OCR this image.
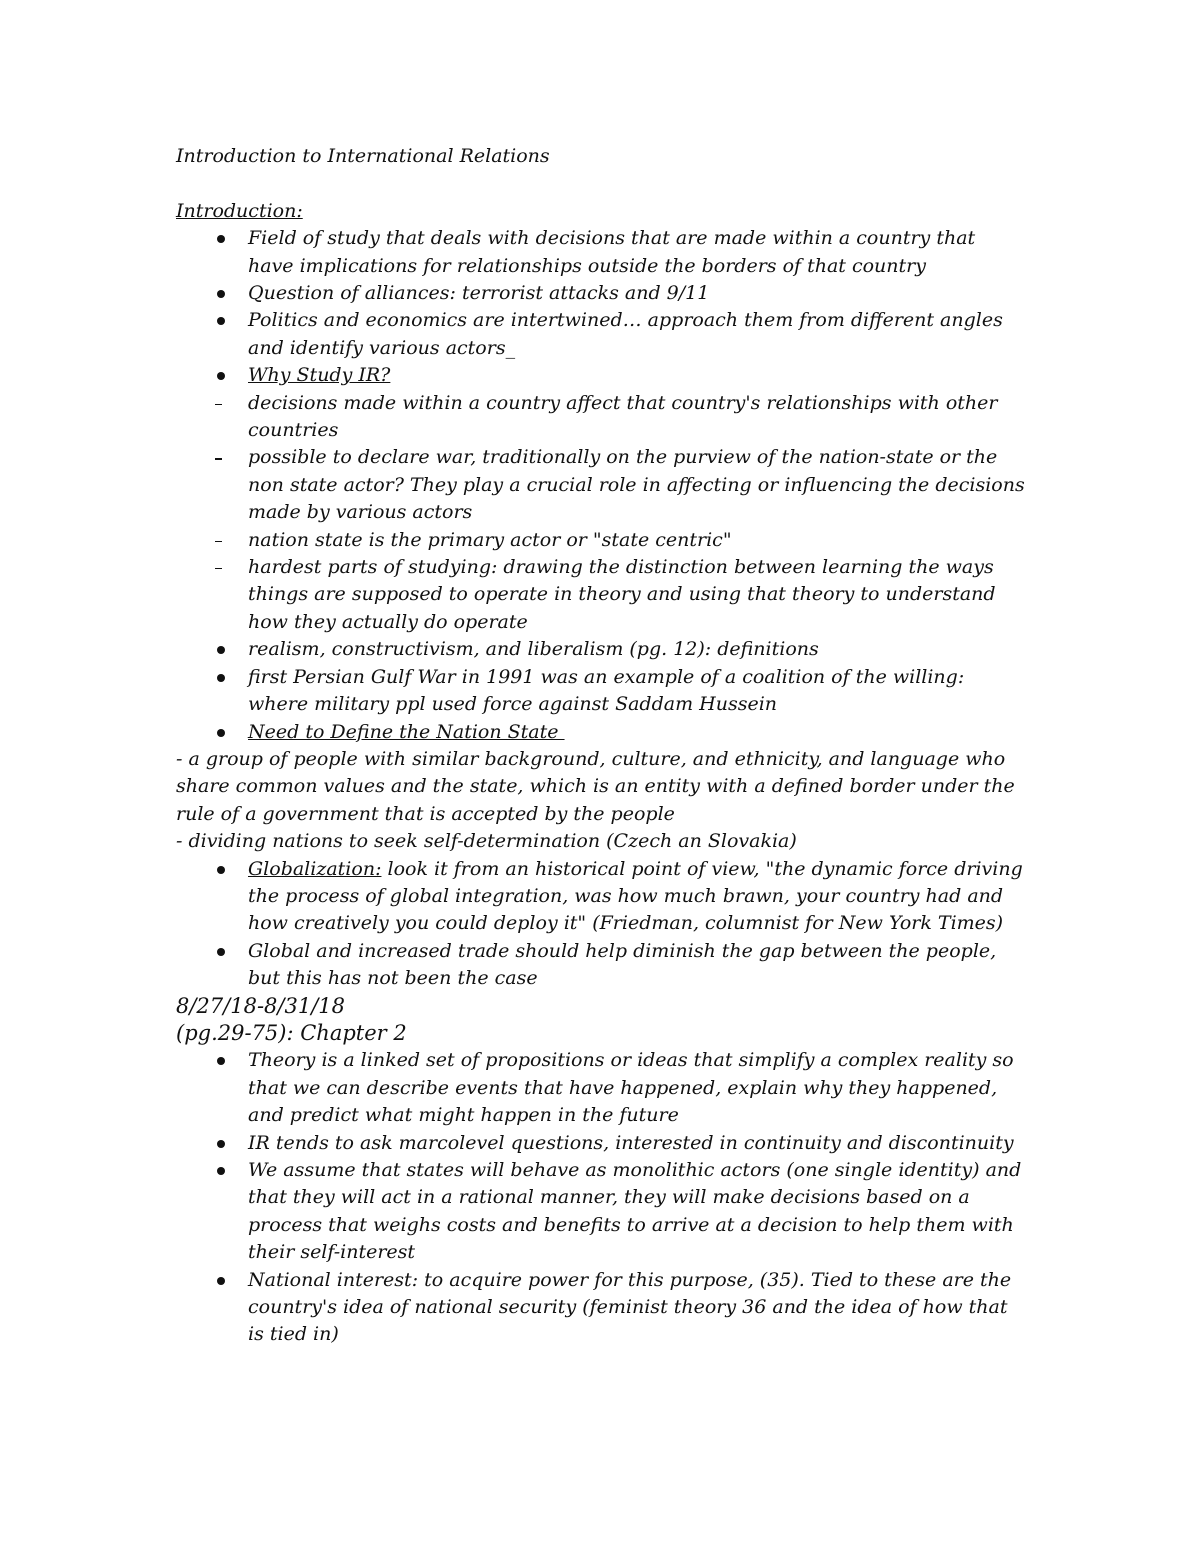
Introduction to International Relations

Introduction:

Field of study that deals with decisions that are made within a country that have implications for relationships outside the borders of that country
Question of alliances: terrorist attacks and 9/11
Politics and economics are intertwined… approach them from different angles and identify various actors_
Why Study IR?
decisions made within a country affect that country's relationships with other countries
possible to declare war, traditionally on the purview of the nation-state or the non state actor? They play a crucial role in affecting or influencing the decisions made by various actors
nation state is the primary actor or "state centric"
hardest parts of studying: drawing the distinction between learning the ways things are supposed to operate in theory and using that theory to understand how they actually do operate
realism, constructivism, and liberalism (pg. 12): definitions
first Persian Gulf War in 1991 was an example of a coalition of the willing: where military ppl used force against Saddam Hussein
Need to Define the Nation State

- a group of people with similar background, culture, and ethnicity, and language who share common values and the state, which is an entity with a defined border under the rule of a government that is accepted by the people

- dividing nations to seek self-determination (Czech an Slovakia)

Globalization: look it from an historical point of view, "the dynamic force driving the process of global integration, was how much brawn, your country had and how creatively you could deploy it" (Friedman, columnist for New York Times)
Global and increased trade should help diminish the gap between the people, but this has not been the case

8/27/18-8/31/18

(pg.29-75): Chapter 2

Theory is a linked set of propositions or ideas that simplify a complex reality so that we can describe events that have happened, explain why they happened, and predict what might happen in the future
IR tends to ask marcolevel questions, interested in continuity and discontinuity
We assume that states will behave as monolithic actors (one single identity) and that they will act in a rational manner, they will make decisions based on a process that weighs costs and benefits to arrive at a decision to help them with their self-interest
National interest: to acquire power for this purpose, (35). Tied to these are the country's idea of national security (feminist theory 36 and the idea of how that is tied in)
